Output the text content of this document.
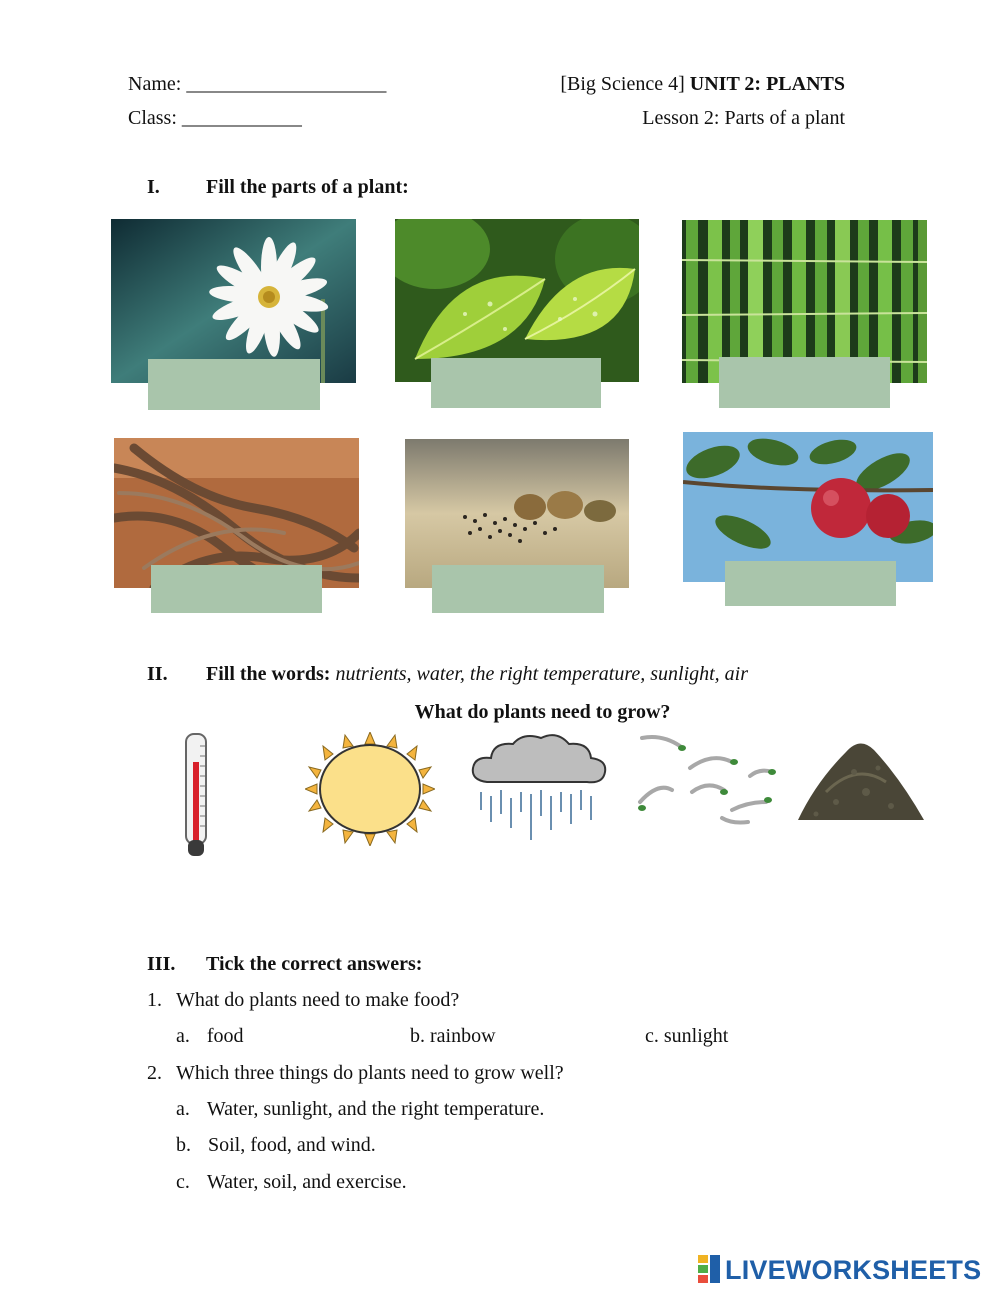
Name: ____________________
Class: ____________
[Big Science 4] UNIT 2: PLANTS
Lesson 2: Parts of a plant
I. Fill the parts of a plant:
II. Fill the words: nutrients, water, the right temperature, sunlight, air
What do plants need to grow?
III. Tick the correct answers:
1. What do plants need to make food?
a. food	b. rainbow	c. sunlight
2. Which three things do plants need to grow well?
a. Water, sunlight, and the right temperature.
b. Soil, food, and wind.
c. Water, soil, and exercise.
LIVEWORKSHEETS
